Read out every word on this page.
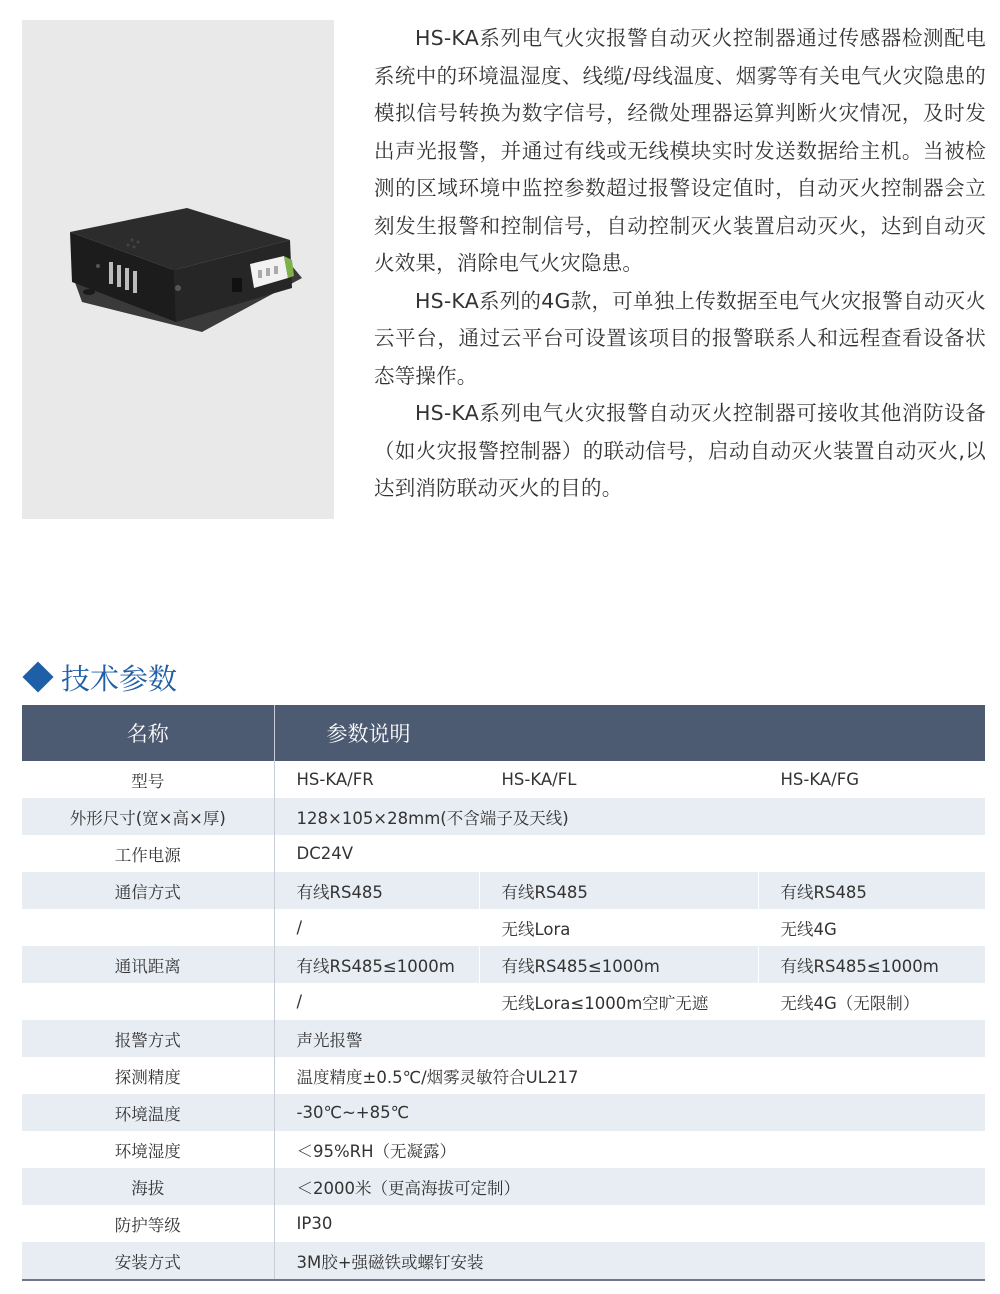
HS-KA系列电气火灾报警自动灭火控制器通过传感器检测配电系统中的环境温湿度、线缆/母线温度、烟雾等有关电气火灾隐患的模拟信号转换为数字信号，经微处理器运算判断火灾情况，及时发出声光报警，并通过有线或无线模块实时发送数据给主机。当被检测的区域环境中监控参数超过报警设定值时，自动灭火控制器会立刻发生报警和控制信号，自动控制灭火装置启动灭火，达到自动灭火效果，消除电气火灾隐患。

HS-KA系列的4G款，可单独上传数据至电气火灾报警自动灭火云平台，通过云平台可设置该项目的报警联系人和远程查看设备状态等操作。

HS-KA系列电气火灾报警自动灭火控制器可接收其他消防设备（如火灾报警控制器）的联动信号，启动自动灭火装置自动灭火,以达到消防联动灭火的目的。

技术参数
名称	参数说明		
型号	HS-KA/FR	HS-KA/FL	HS-KA/FG
外形尺寸(宽×高×厚)	128×105×28mm(不含端子及天线)		
工作电源	DC24V		
通信方式	有线RS485	有线RS485	有线RS485
	/	无线Lora	无线4G
通讯距离	有线RS485≤1000m	有线RS485≤1000m	有线RS485≤1000m
	/	无线Lora≤1000m空旷无遮	无线4G（无限制）
报警方式	声光报警		
探测精度	温度精度±0.5℃/烟雾灵敏符合UL217		
环境温度	-30℃~+85℃		
环境湿度	＜95%RH（无凝露）		
海拔	＜2000米（更高海拔可定制）		
防护等级	IP30		
安装方式	3M胶+强磁铁或螺钉安装		
